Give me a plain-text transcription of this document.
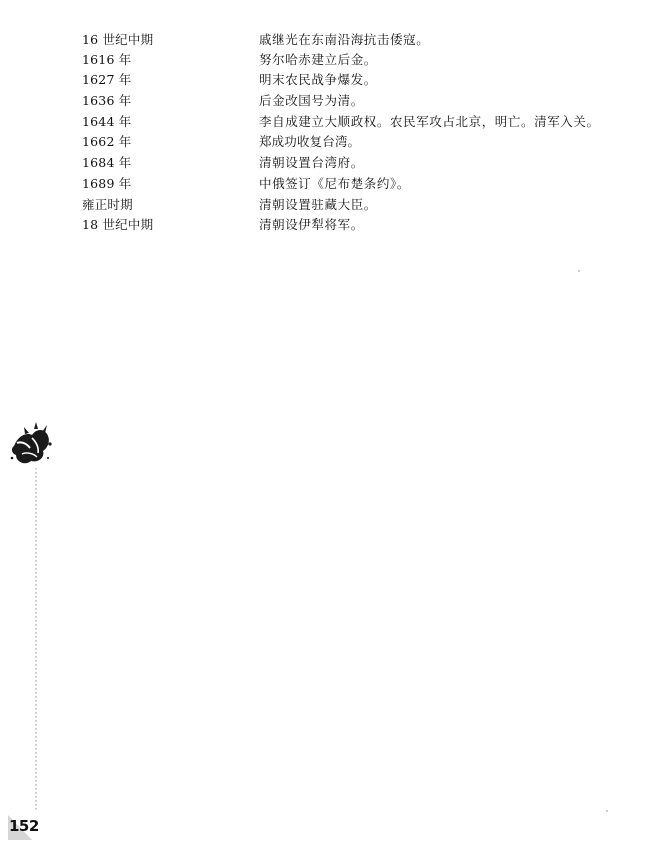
16 世纪中期	戚继光在东南沿海抗击倭寇。
1616 年	努尔哈赤建立后金。
1627 年	明末农民战争爆发。
1636 年	后金改国号为清。
1644 年	李自成建立大顺政权。农民军攻占北京，明亡。清军入关。
1662 年	郑成功收复台湾。
1684 年	清朝设置台湾府。
1689 年	中俄签订《尼布楚条约》。
雍正时期	清朝设置驻藏大臣。
18 世纪中期	清朝设伊犁将军。
152
